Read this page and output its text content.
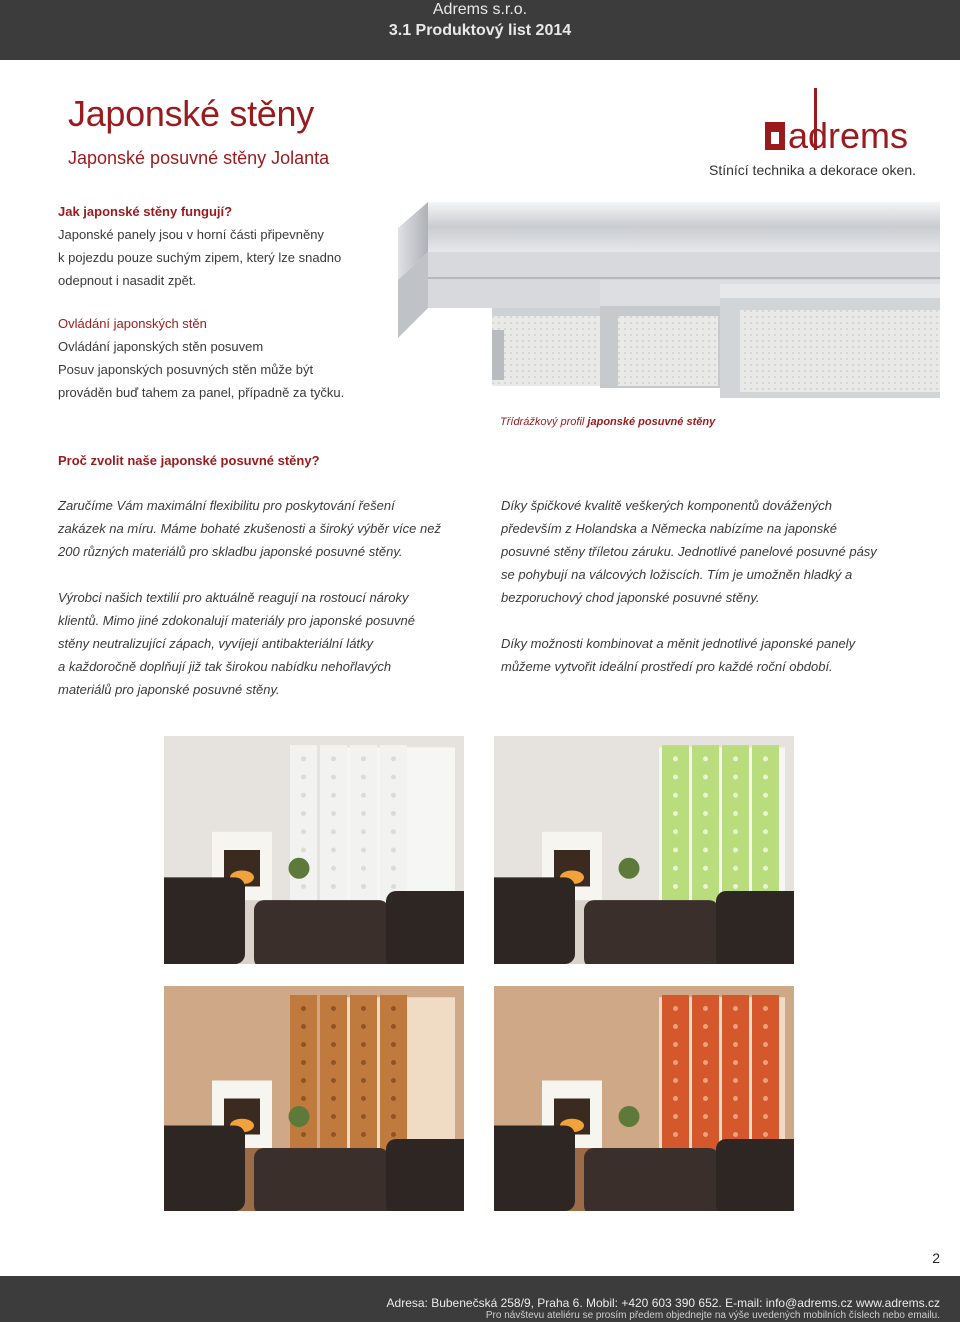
Adrems s.r.o.
3.1 Produktový list 2014
Japonské stěny
Japonské posuvné stěny Jolanta
adrems
Stínící technika a dekorace oken.
Jak japonské stěny fungují?
Japonské panely jsou v horní části připevněny
k pojezdu pouze suchým zipem, který lze snadno
odepnout i nasadit zpět.
Ovládání japonských stěn
Ovládání japonských stěn posuvem
Posuv japonských posuvných stěn může být
prováděn buď tahem za panel, případně za tyčku.
Třídrážkový profil japonské posuvné stěny
Proč zvolit naše japonské posuvné stěny?

Zaručíme Vám maximální flexibilitu pro poskytování řešení
zakázek na míru. Máme bohaté zkušenosti a široký výběr více než
200 různých materiálů pro skladbu japonské posuvné stěny.

Výrobci našich textilií pro aktuálně reagují na rostoucí nároky
klientů. Mimo jiné zdokonalují materiály pro japonské posuvné
stěny neutralizující zápach, vyvíjejí antibakteriální látky
a každoročně doplňují již tak širokou nabídku nehořlavých
materiálů pro japonské posuvné stěny.

Díky špičkové kvalitě veškerých komponentů dovážených
především z Holandska a Německa nabízíme na japonské
posuvné stěny tříletou záruku. Jednotlivé panelové posuvné pásy
se pohybují na válcových ložiscích. Tím je umožněn hladký a
bezporuchový chod japonské posuvné stěny.

Díky možnosti kombinovat a měnit jednotlivé japonské panely
můžeme vytvořit ideální prostředí pro každé roční období.

2
Adresa: Bubenečská 258/9, Praha 6. Mobil: +420 603 390 652. E-mail: info@adrems.cz www.adrems.cz
Pro návštevu ateliéru se prosím předem objednejte na výše uvedených mobilních číslech nebo emailu.
